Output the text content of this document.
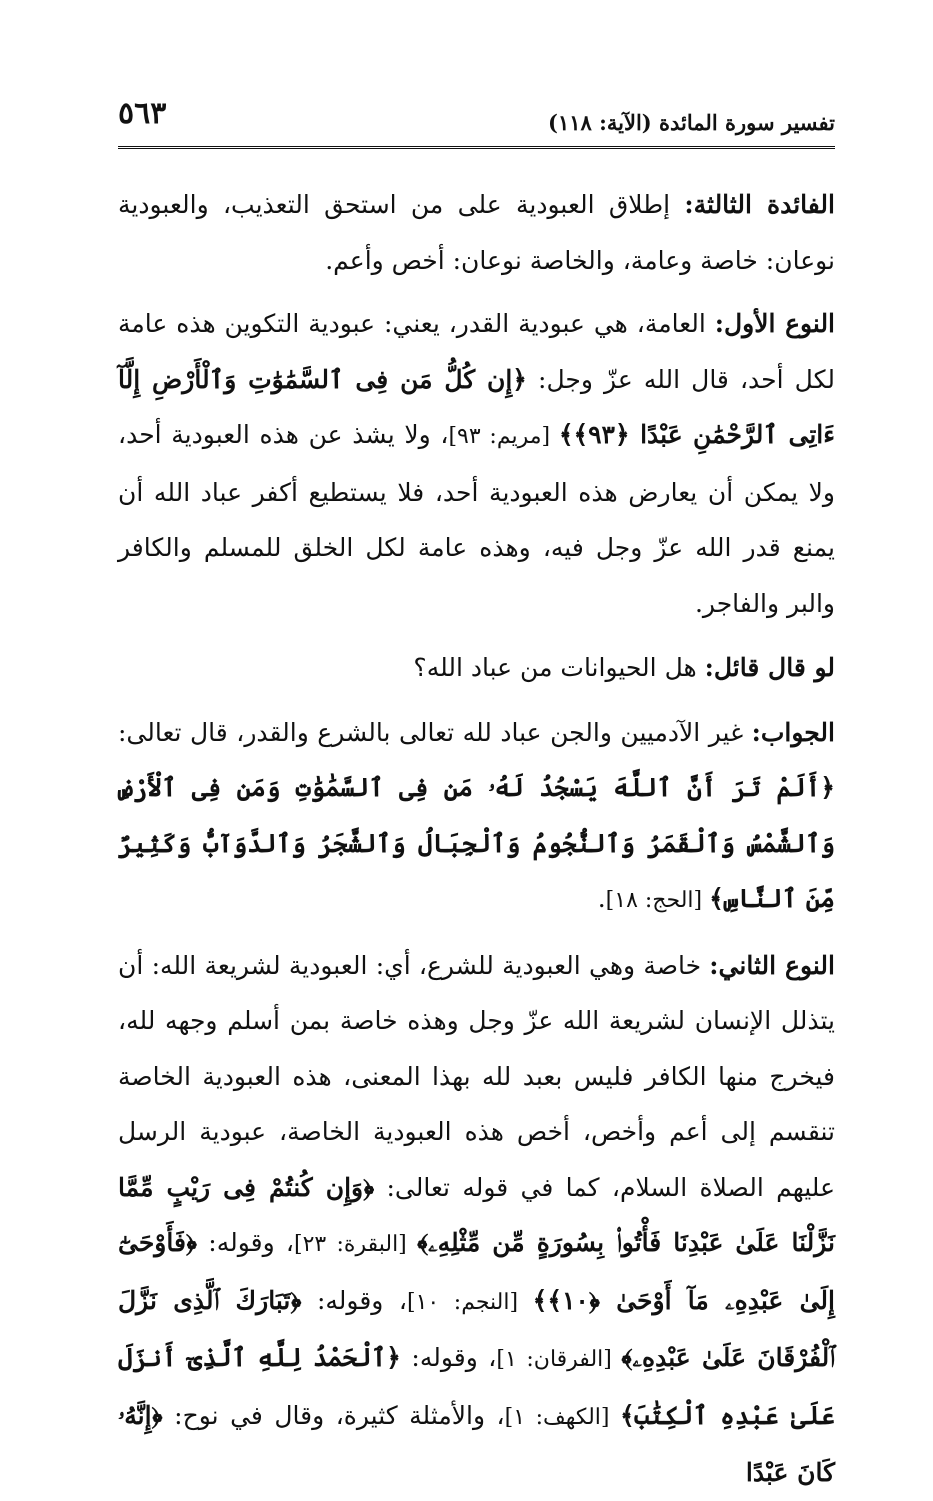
تفسير سورة المائدة (الآية: ١١٨)
٥٦٣

الفائدة الثالثة: إطلاق العبودية على من استحق التعذيب، والعبودية نوعان: خاصة وعامة، والخاصة نوعان: أخص وأعم.

النوع الأول: العامة، هي عبودية القدر، يعني: عبودية التكوين هذه عامة لكل أحد، قال الله عزّ وجل: ﴿إِن كُلُّ مَن فِى ٱلسَّمَٰوَٰتِ وَٱلْأَرْضِ إِلَّآ ءَاتِى ٱلرَّحْمَٰنِ عَبْدًا ﴿٩٣﴾﴾ [مريم: ٩٣]، ولا يشذ عن هذه العبودية أحد، ولا يمكن أن يعارض هذه العبودية أحد، فلا يستطيع أكفر عباد الله أن يمنع قدر الله عزّ وجل فيه، وهذه عامة لكل الخلق للمسلم والكافر والبر والفاجر.

لو قال قائل: هل الحيوانات من عباد الله؟

الجواب: غير الآدميين والجن عباد لله تعالى بالشرع والقدر، قال تعالى: ﴿أَلَمْ تَرَ أَنَّ ٱللَّهَ يَسْجُدُ لَهُۥ مَن فِى ٱلسَّمَٰوَٰتِ وَمَن فِى ٱلْأَرْضِ وَٱلشَّمْسُ وَٱلْقَمَرُ وَٱلنُّجُومُ وَٱلْجِبَالُ وَٱلشَّجَرُ وَٱلدَّوَآبُّ وَكَثِيرٌ مِّنَ ٱلنَّاسِ﴾ [الحج: ١٨].

النوع الثاني: خاصة وهي العبودية للشرع، أي: العبودية لشريعة الله: أن يتذلل الإنسان لشريعة الله عزّ وجل وهذه خاصة بمن أسلم وجهه لله، فيخرج منها الكافر فليس بعبد لله بهذا المعنى، هذه العبودية الخاصة تنقسم إلى أعم وأخص، أخص هذه العبودية الخاصة، عبودية الرسل عليهم الصلاة السلام، كما في قوله تعالى: ﴿وَإِن كُنتُمْ فِى رَيْبٍ مِّمَّا نَزَّلْنَا عَلَىٰ عَبْدِنَا فَأْتُوا۟ بِسُورَةٍ مِّن مِّثْلِهِۦ﴾ [البقرة: ٢٣]، وقوله: ﴿فَأَوْحَىٰٓ إِلَىٰ عَبْدِهِۦ مَآ أَوْحَىٰ ﴿١٠﴾﴾ [النجم: ١٠]، وقوله: ﴿تَبَارَكَ ٱلَّذِى نَزَّلَ ٱلْفُرْقَانَ عَلَىٰ عَبْدِهِۦ﴾ [الفرقان: ١]، وقوله: ﴿ٱلْحَمْدُ لِلَّهِ ٱلَّذِىٓ أَنزَلَ عَلَىٰ عَبْدِهِ ٱلْكِتَٰبَ﴾ [الكهف: ١]، والأمثلة كثيرة، وقال في نوح: ﴿إِنَّهُۥ كَانَ عَبْدًا
